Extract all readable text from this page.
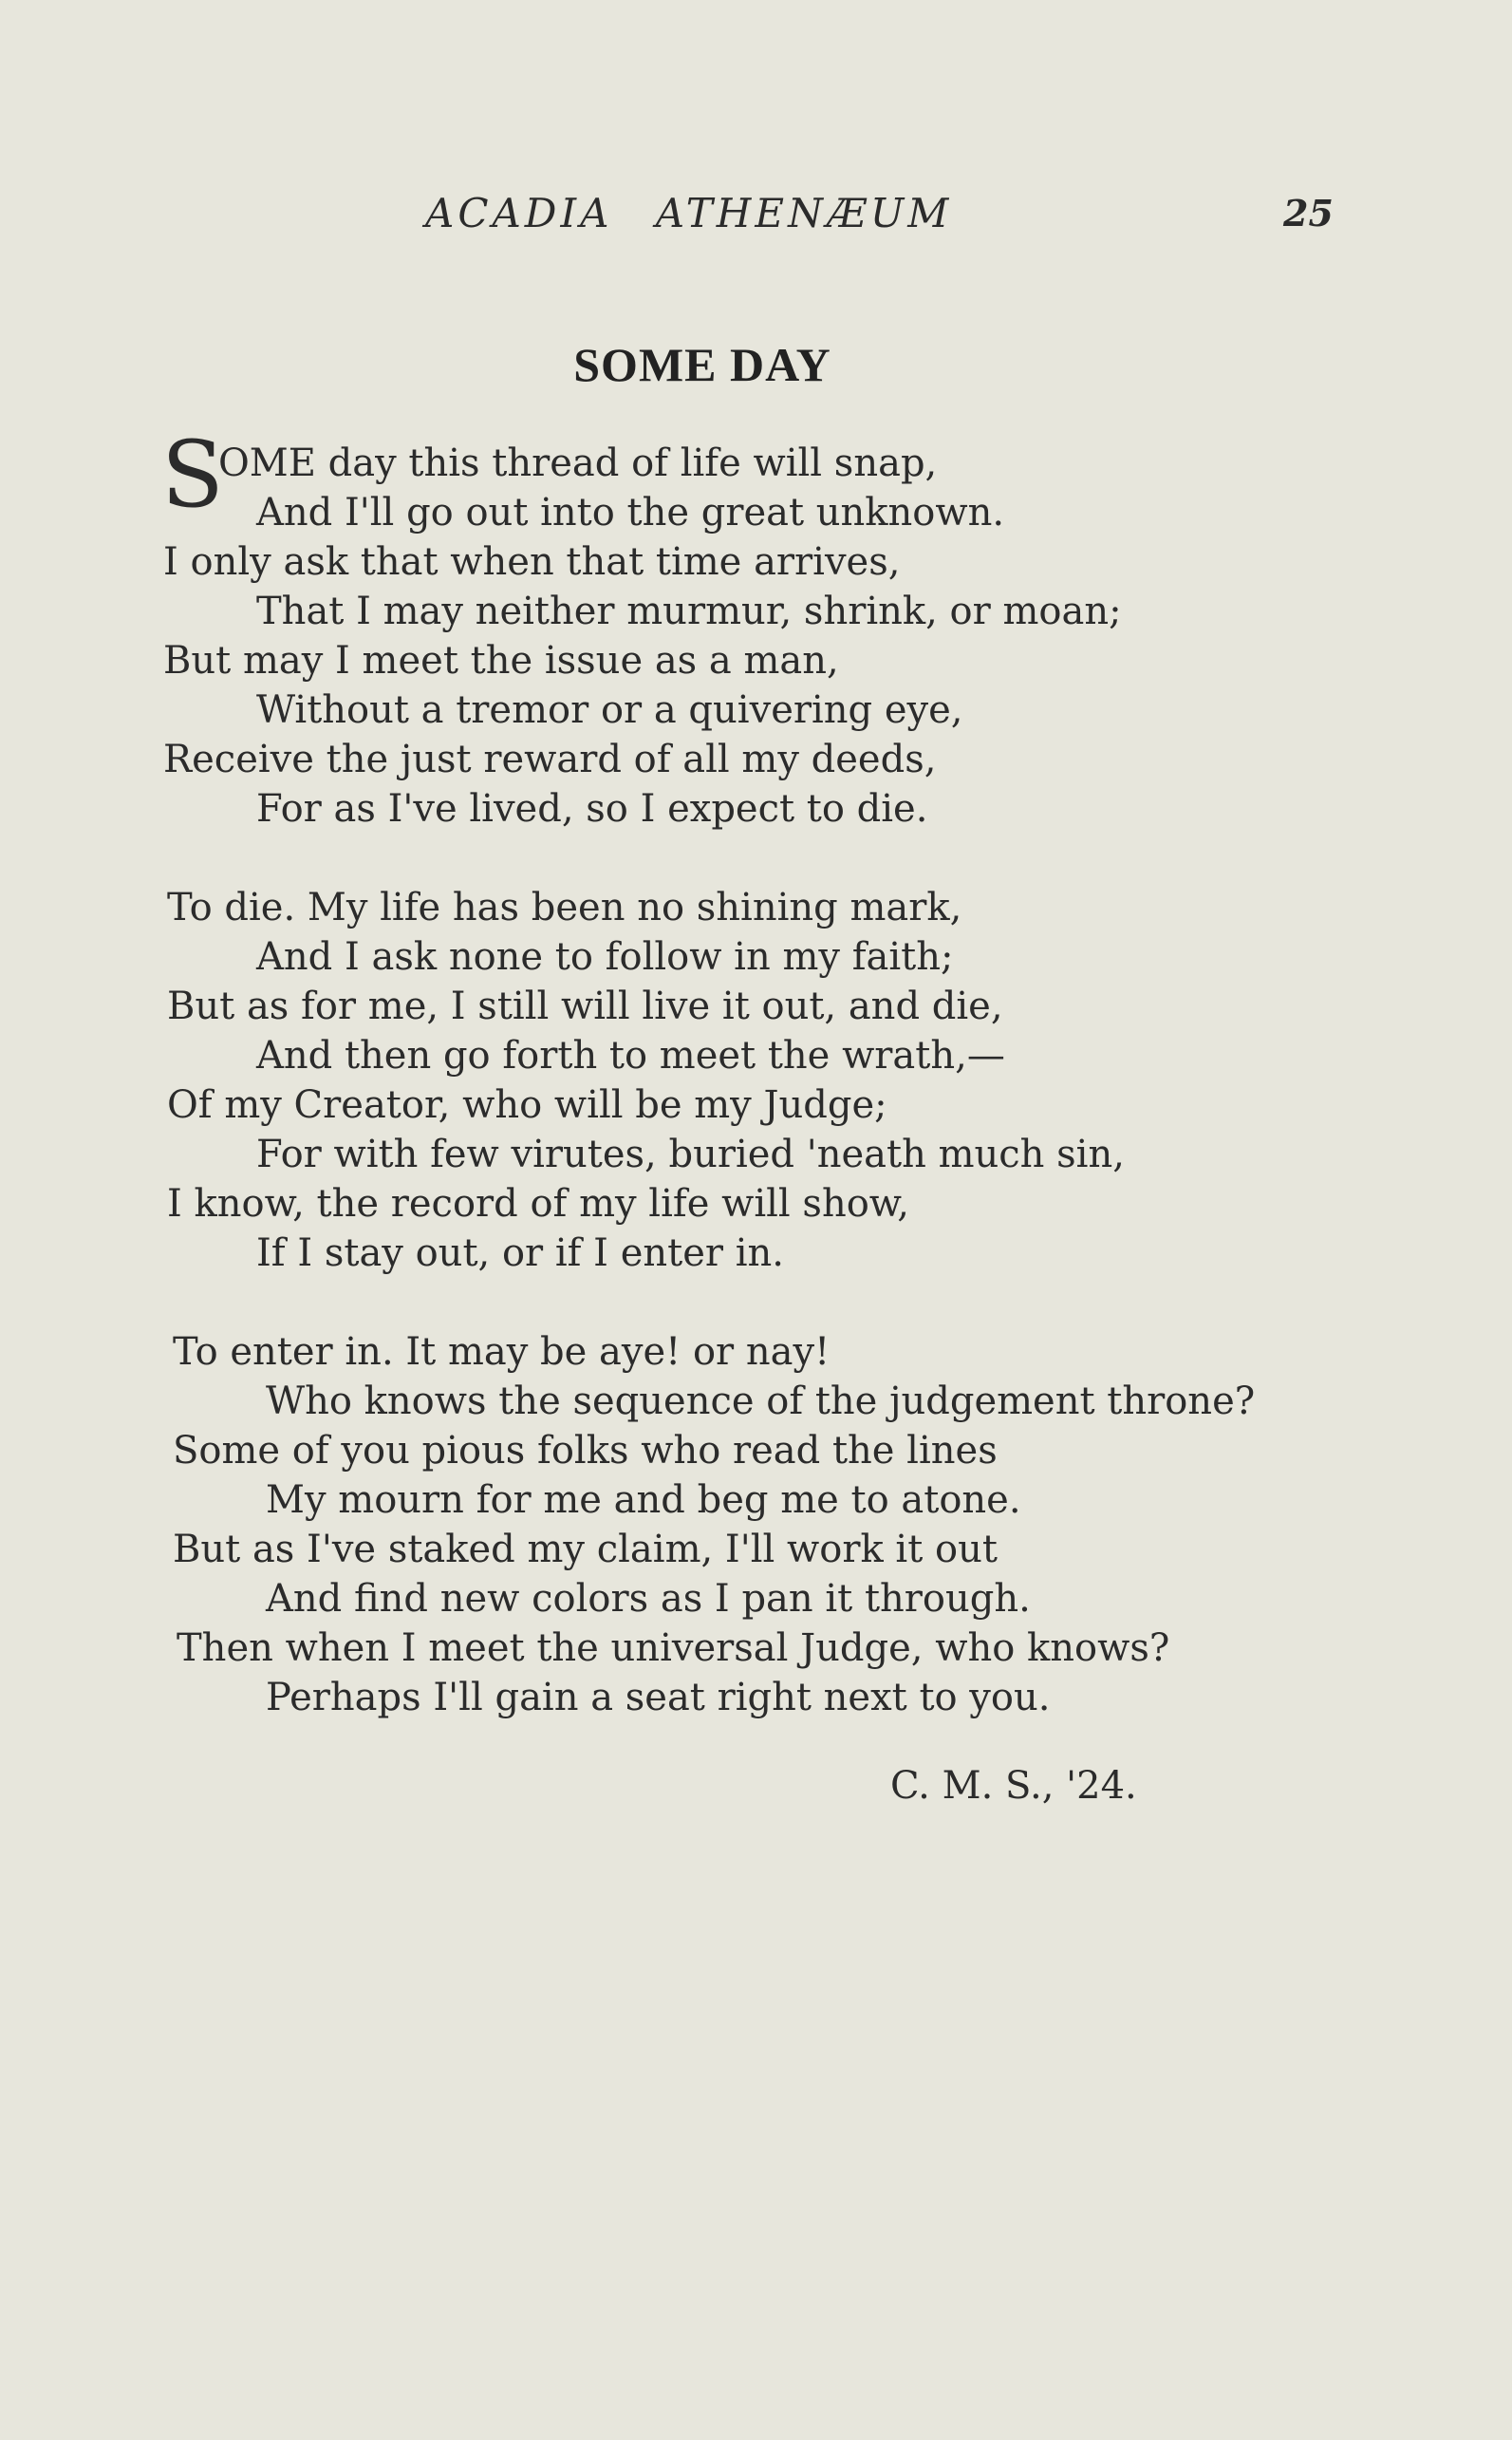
ACADIA ATHENÆUM	25
SOME DAY
S
OME day this thread of life will snap,
And I'll go out into the great unknown.
I only ask that when that time arrives,
That I may neither murmur, shrink, or moan;
But may I meet the issue as a man,
Without a tremor or a quivering eye,
Receive the just reward of all my deeds,
For as I've lived, so I expect to die.
To die. My life has been no shining mark,
And I ask none to follow in my faith;
But as for me, I still will live it out, and die,
And then go forth to meet the wrath,—
Of my Creator, who will be my Judge;
For with few virutes, buried 'neath much sin,
I know, the record of my life will show,
If I stay out, or if I enter in.
To enter in. It may be aye! or nay!
Who knows the sequence of the judgement throne?
Some of you pious folks who read the lines
My mourn for me and beg me to atone.
But as I've staked my claim, I'll work it out
And find new colors as I pan it through.
Then when I meet the universal Judge, who knows?
Perhaps I'll gain a seat right next to you.
C. M. S., '24.
